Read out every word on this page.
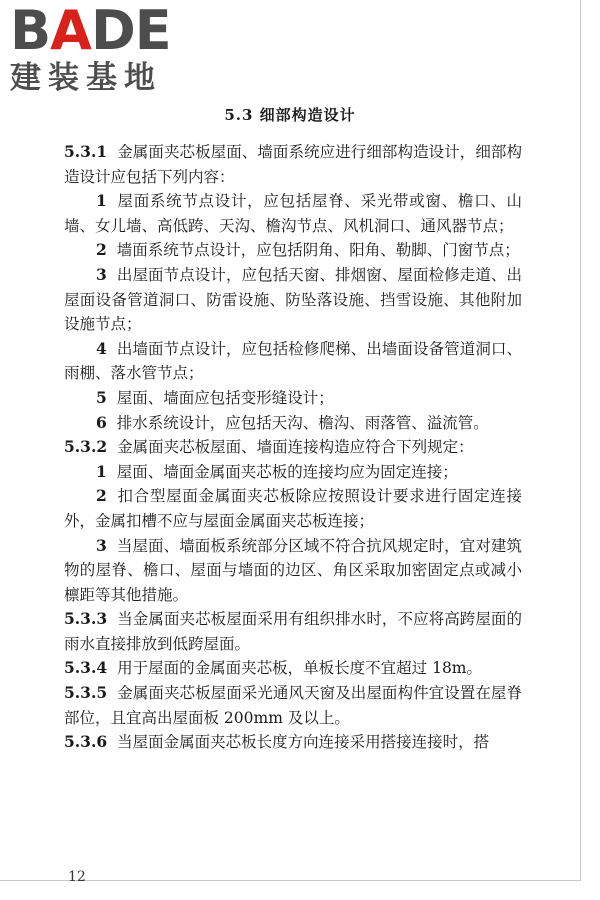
BADE
建装基地
5.3 细部构造设计

5.3.1 金属面夹芯板屋面、墙面系统应进行细部构造设计，细部构造设计应包括下列内容：

1 屋面系统节点设计，应包括屋脊、采光带或窗、檐口、山墙、女儿墙、高低跨、天沟、檐沟节点、风机洞口、通风器节点；

2 墙面系统节点设计，应包括阴角、阳角、勒脚、门窗节点；

3 出屋面节点设计，应包括天窗、排烟窗、屋面检修走道、出屋面设备管道洞口、防雷设施、防坠落设施、挡雪设施、其他附加设施节点；

4 出墙面节点设计，应包括检修爬梯、出墙面设备管道洞口、雨棚、落水管节点；

5 屋面、墙面应包括变形缝设计；

6 排水系统设计，应包括天沟、檐沟、雨落管、溢流管。

5.3.2 金属面夹芯板屋面、墙面连接构造应符合下列规定：

1 屋面、墙面金属面夹芯板的连接均应为固定连接；

2 扣合型屋面金属面夹芯板除应按照设计要求进行固定连接外，金属扣槽不应与屋面金属面夹芯板连接；

3 当屋面、墙面板系统部分区域不符合抗风规定时，宜对建筑物的屋脊、檐口、屋面与墙面的边区、角区采取加密固定点或减小檩距等其他措施。

5.3.3 当金属面夹芯板屋面采用有组织排水时，不应将高跨屋面的雨水直接排放到低跨屋面。

5.3.4 用于屋面的金属面夹芯板，单板长度不宜超过 18m。

5.3.5 金属面夹芯板屋面采光通风天窗及出屋面构件宜设置在屋脊部位，且宜高出屋面板 200mm 及以上。

5.3.6 当屋面金属面夹芯板长度方向连接采用搭接连接时，搭

12
